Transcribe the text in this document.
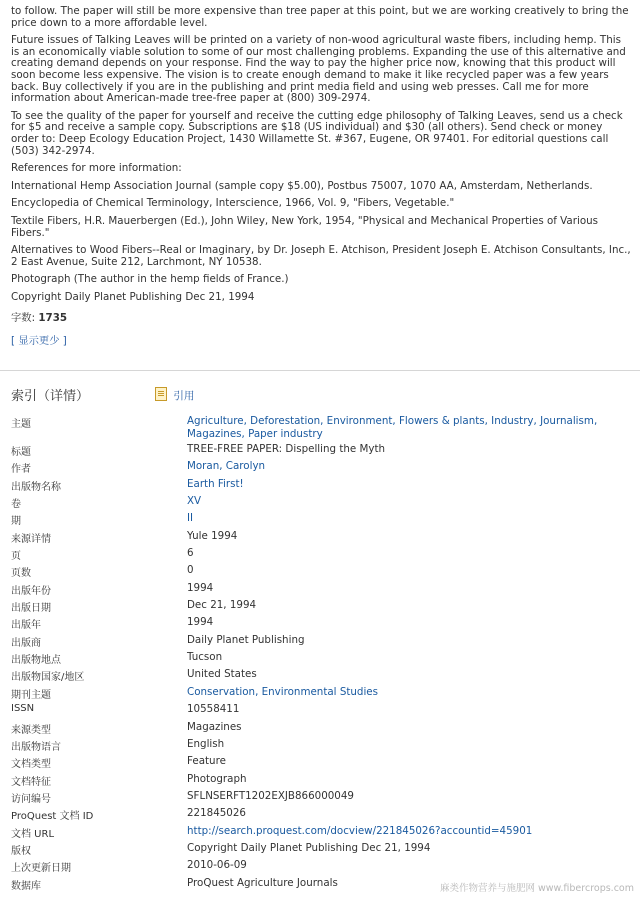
to follow. The paper will still be more expensive than tree paper at this point, but we are working creatively to bring the price down to a more affordable level.

Future issues of Talking Leaves will be printed on a variety of non-wood agricultural waste fibers, including hemp. This is an economically viable solution to some of our most challenging problems. Expanding the use of this alternative and creating demand depends on your response. Find the way to pay the higher price now, knowing that this product will soon become less expensive. The vision is to create enough demand to make it like recycled paper was a few years back. Buy collectively if you are in the publishing and print media field and using web presses. Call me for more information about American-made tree-free paper at (800) 309-2974.

To see the quality of the paper for yourself and receive the cutting edge philosophy of Talking Leaves, send us a check for $5 and receive a sample copy. Subscriptions are $18 (US individual) and $30 (all others). Send check or money order to: Deep Ecology Education Project, 1430 Willamette St. #367, Eugene, OR 97401. For editorial questions call (503) 342-2974.

References for more information:

International Hemp Association Journal (sample copy $5.00), Postbus 75007, 1070 AA, Amsterdam, Netherlands.

Encyclopedia of Chemical Terminology, Interscience, 1966, Vol. 9, "Fibers, Vegetable."

Textile Fibers, H.R. Mauerbergen (Ed.), John Wiley, New York, 1954, "Physical and Mechanical Properties of Various Fibers."

Alternatives to Wood Fibers--Real or Imaginary, by Dr. Joseph E. Atchison, President Joseph E. Atchison Consultants, Inc., 2 East Avenue, Suite 212, Larchmont, NY 10538.

Photograph (The author in the hemp fields of France.)

Copyright Daily Planet Publishing Dec 21, 1994

字数: 1735

[ 显示更少 ]
索引（详情）	引用
主题	Agriculture, Deforestation, Environment, Flowers & plants, Industry, Journalism, Magazines, Paper industry
标题	TREE-FREE PAPER: Dispelling the Myth
作者	Moran, Carolyn
出版物名称	Earth First!
卷	XV
期	II
来源详情	Yule 1994
页	6
页数	0
出版年份	1994
出版日期	Dec 21, 1994
出版年	1994
出版商	Daily Planet Publishing
出版物地点	Tucson
出版物国家/地区	United States
期刊主题	Conservation, Environmental Studies
ISSN	10558411
来源类型	Magazines
出版物语言	English
文档类型	Feature
文档特征	Photograph
访问编号	SFLNSERFT1202EXJB866000049
ProQuest 文档 ID	221845026
文档 URL	http://search.proquest.com/docview/221845026?accountid=45901
版权	Copyright Daily Planet Publishing Dec 21, 1994
上次更新日期	2010-06-09
数据库	ProQuest Agriculture Journals	麻类作物营养与施肥网 www.fibercrops.com
